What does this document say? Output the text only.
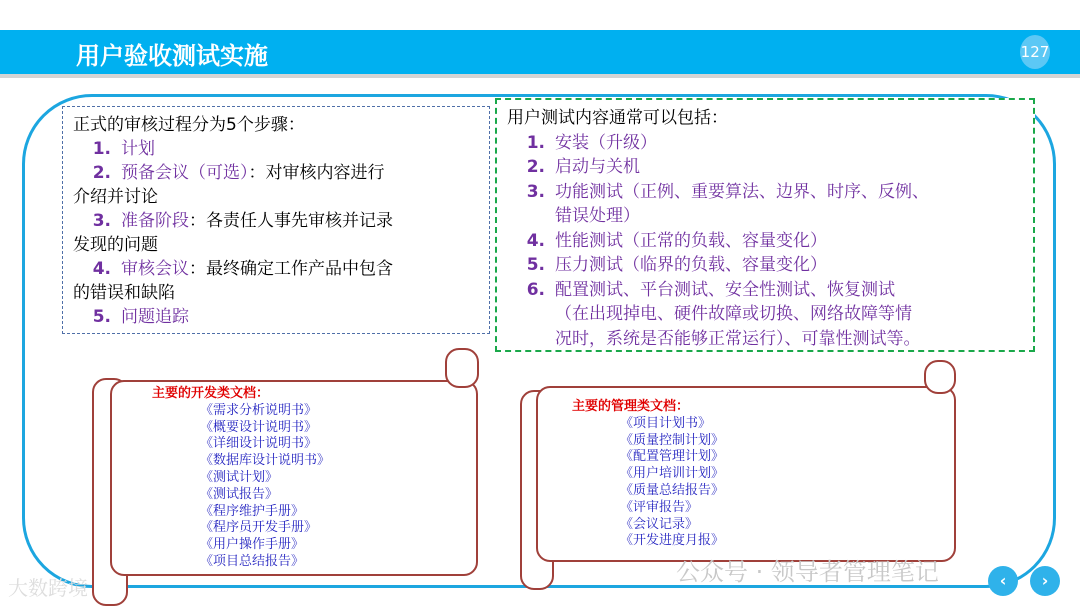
用户验收测试实施	127
正式的审核过程分为5个步骤：
1. 计划
2. 预备会议（可选）：对审核内容进行
介绍并讨论
3. 准备阶段：各责任人事先审核并记录
发现的问题
4. 审核会议：最终确定工作产品中包含
的错误和缺陷
5. 问题追踪
用户测试内容通常可以包括：
1. 安装（升级）
2. 启动与关机
3. 功能测试（正例、重要算法、边界、时序、反例、
错误处理）
4. 性能测试（正常的负载、容量变化）
5. 压力测试（临界的负载、容量变化）
6. 配置测试、平台测试、安全性测试、恢复测试
（在出现掉电、硬件故障或切换、网络故障等情
况时，系统是否能够正常运行）、可靠性测试等。
主要的开发类文档：
《需求分析说明书》
《概要设计说明书》
《详细设计说明书》
《数据库设计说明书》
《测试计划》
《测试报告》
《程序维护手册》
《程序员开发手册》
《用户操作手册》
《项目总结报告》
主要的管理类文档：
《项目计划书》
《质量控制计划》
《配置管理计划》
《用户培训计划》
《质量总结报告》
《评审报告》
《会议记录》
《开发进度月报》
公众号 · 领导者管理笔记
大数跨境	‹	›
